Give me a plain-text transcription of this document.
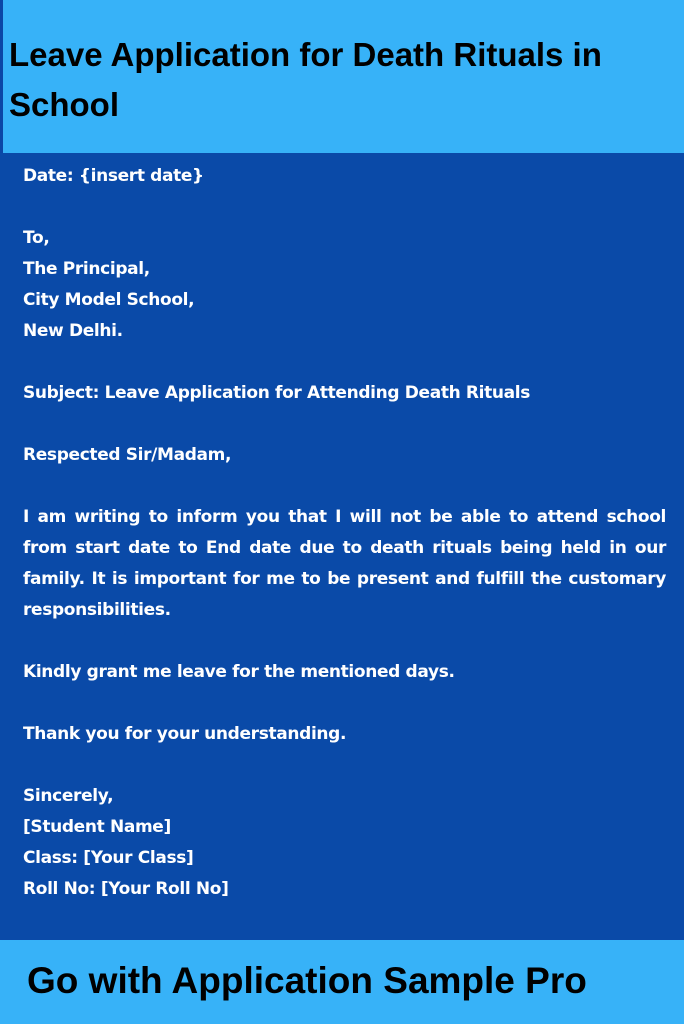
Leave Application for Death Rituals in School

Date: {insert date}

To,

The Principal,

City Model School,

New Delhi.

Subject: Leave Application for Attending Death Rituals

Respected Sir/Madam,

I am writing to inform you that I will not be able to attend school from start date to End date due to death rituals being held in our family. It is important for me to be present and fulfill the customary responsibilities.

Kindly grant me leave for the mentioned days.

Thank you for your understanding.

Sincerely,

[Student Name]

Class: [Your Class]

Roll No: [Your Roll No]

Go with Application Sample Pro
